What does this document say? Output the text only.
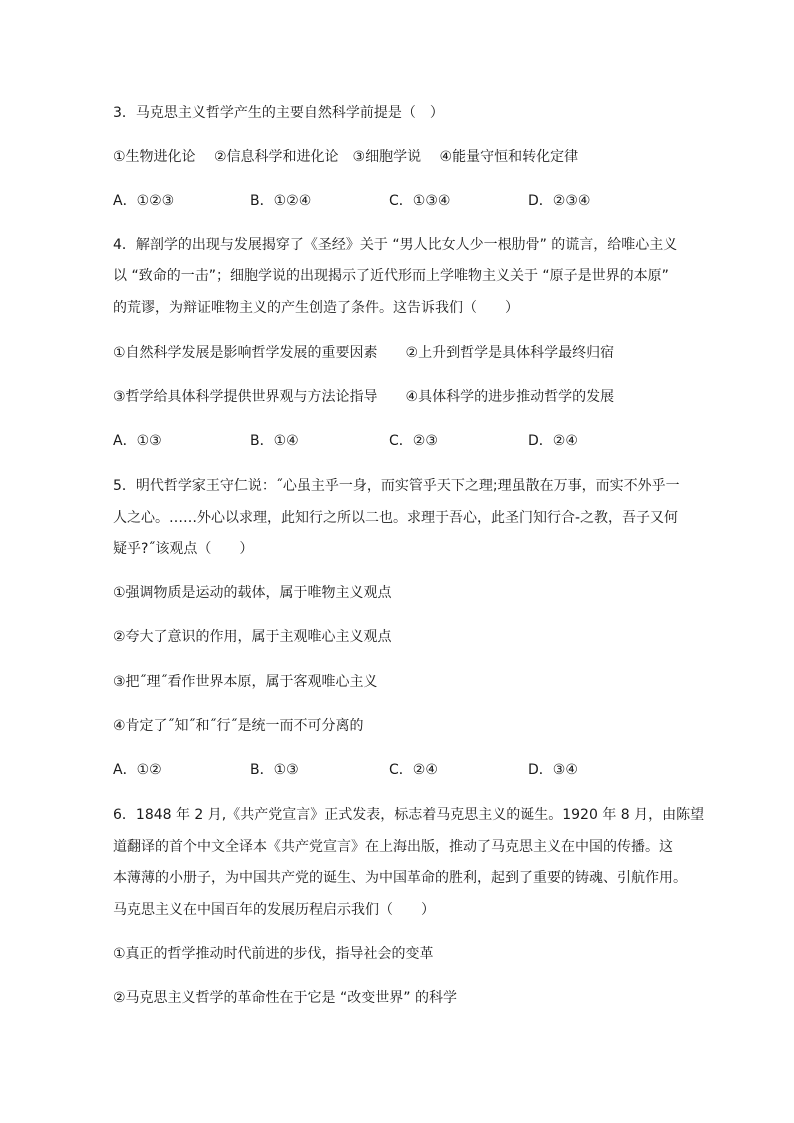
3．马克思主义哲学产生的主要自然科学前提是（　）
①生物进化论　 ②信息科学和进化论　③细胞学说　 ④能量守恒和转化定律
A．①②③	B．①②④	C．①③④	D．②③④
4．解剖学的出现与发展揭穿了《圣经》关于 “男人比女人少一根肋骨” 的谎言，给唯心主义
以 “致命的一击”；细胞学说的出现揭示了近代形而上学唯物主义关于 “原子是世界的本原”
的荒谬，为辩证唯物主义的产生创造了条件。这告诉我们（　　）
①自然科学发展是影响哲学发展的重要因素　　②上升到哲学是具体科学最终归宿
③哲学给具体科学提供世界观与方法论指导　　④具体科学的进步推动哲学的发展
A．①③	B．①④	C．②③	D．②④
5．明代哲学家王守仁说：˝心虽主乎一身，而实管乎天下之理;理虽散在万事，而实不外乎一
人之心。……外心以求理，此知行之所以二也。求理于吾心，此圣门知行合-之教，吾子又何
疑乎?˝该观点（　　）
①强调物质是运动的载体，属于唯物主义观点
②夸大了意识的作用，属于主观唯心主义观点
③把˝理˝看作世界本原，属于客观唯心主义
④肯定了˝知˝和˝行˝是统一而不可分离的
A．①②	B．①③	C．②④	D．③④
6．1848 年 2 月,《共产党宣言》正式发表，标志着马克思主义的诞生。1920 年 8 月，由陈望
道翻译的首个中文全译本《共产党宣言》在上海出版，推动了马克思主义在中国的传播。这
本薄薄的小册子，为中国共产党的诞生、为中国革命的胜利，起到了重要的铸魂、引航作用。
马克思主义在中国百年的发展历程启示我们（　　）
①真正的哲学推动时代前进的步伐，指导社会的变革
②马克思主义哲学的革命性在于它是 “改变世界” 的科学
